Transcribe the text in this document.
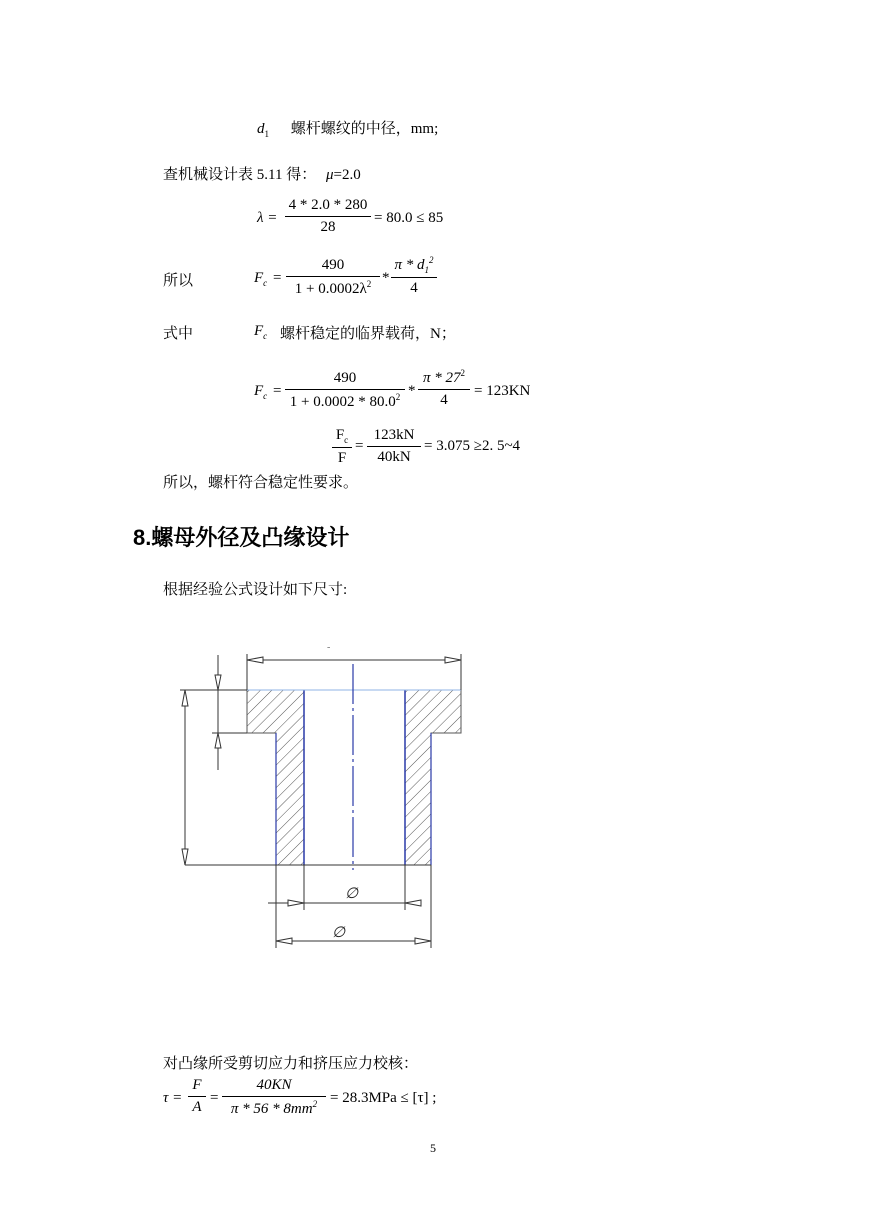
$d_1$ 螺杆螺纹的中径，mm;
查机械设计表 5.11 得： μ=2.0
$\lambda = \frac{4 * 2.0 * 280}{28} = 80.0 \le 85$
所以	$F_c = \frac{490}{1 + 0.0002\lambda^2} * \frac{\pi * d_1^2}{4}$
式中	$F_c$ 螺杆稳定的临界载荷，N；
$F_c = \frac{490}{1 + 0.0002 * 80.0^2} * \frac{\pi * 27^2}{4} = 123KN$
$\frac{F_c}{F} = \frac{123kN}{40kN} = 3.075 \ge 2$. 5~4
所以，螺杆符合稳定性要求。
8.螺母外径及凸缘设计
根据经验公式设计如下尺寸:
∅
∅
-
对凸缘所受剪切应力和挤压应力校核：
$\tau = \frac{F}{A} = \frac{40KN}{\pi * 56 * 8mm^2} = 28.3MPa \le [\tau]$ ;
5
